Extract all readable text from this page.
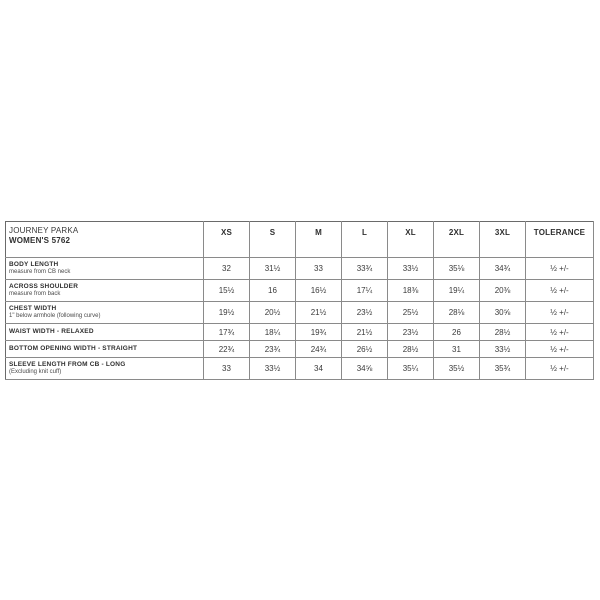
JOURNEY PARKA
WOMEN'S 5762	XS	S	M	L	XL	2XL	3XL	TOLERANCE

BODY LENGTH
measure from CB neck	32	31½	33	33¾	33½	35⅛	34¾	½ +/-

ACROSS SHOULDER
measure from back	15½	16	16½	17¼	18⅜	19¼	20⅜	½ +/-

CHEST WIDTH
1" below armhole (following curve)	19½	20½	21½	23½	25½	28⅛	30⅝	½ +/-

WAIST WIDTH - RELAXED	17¾	18¼	19¾	21½	23½	26	28½	½ +/-

BOTTOM OPENING WIDTH - STRAIGHT	22¾	23¾	24¾	26½	28½	31	33½	½ +/-

SLEEVE LENGTH FROM CB - LONG
(Excluding knit cuff)	33	33½	34	34⅝	35¼	35½	35¾	½ +/-
